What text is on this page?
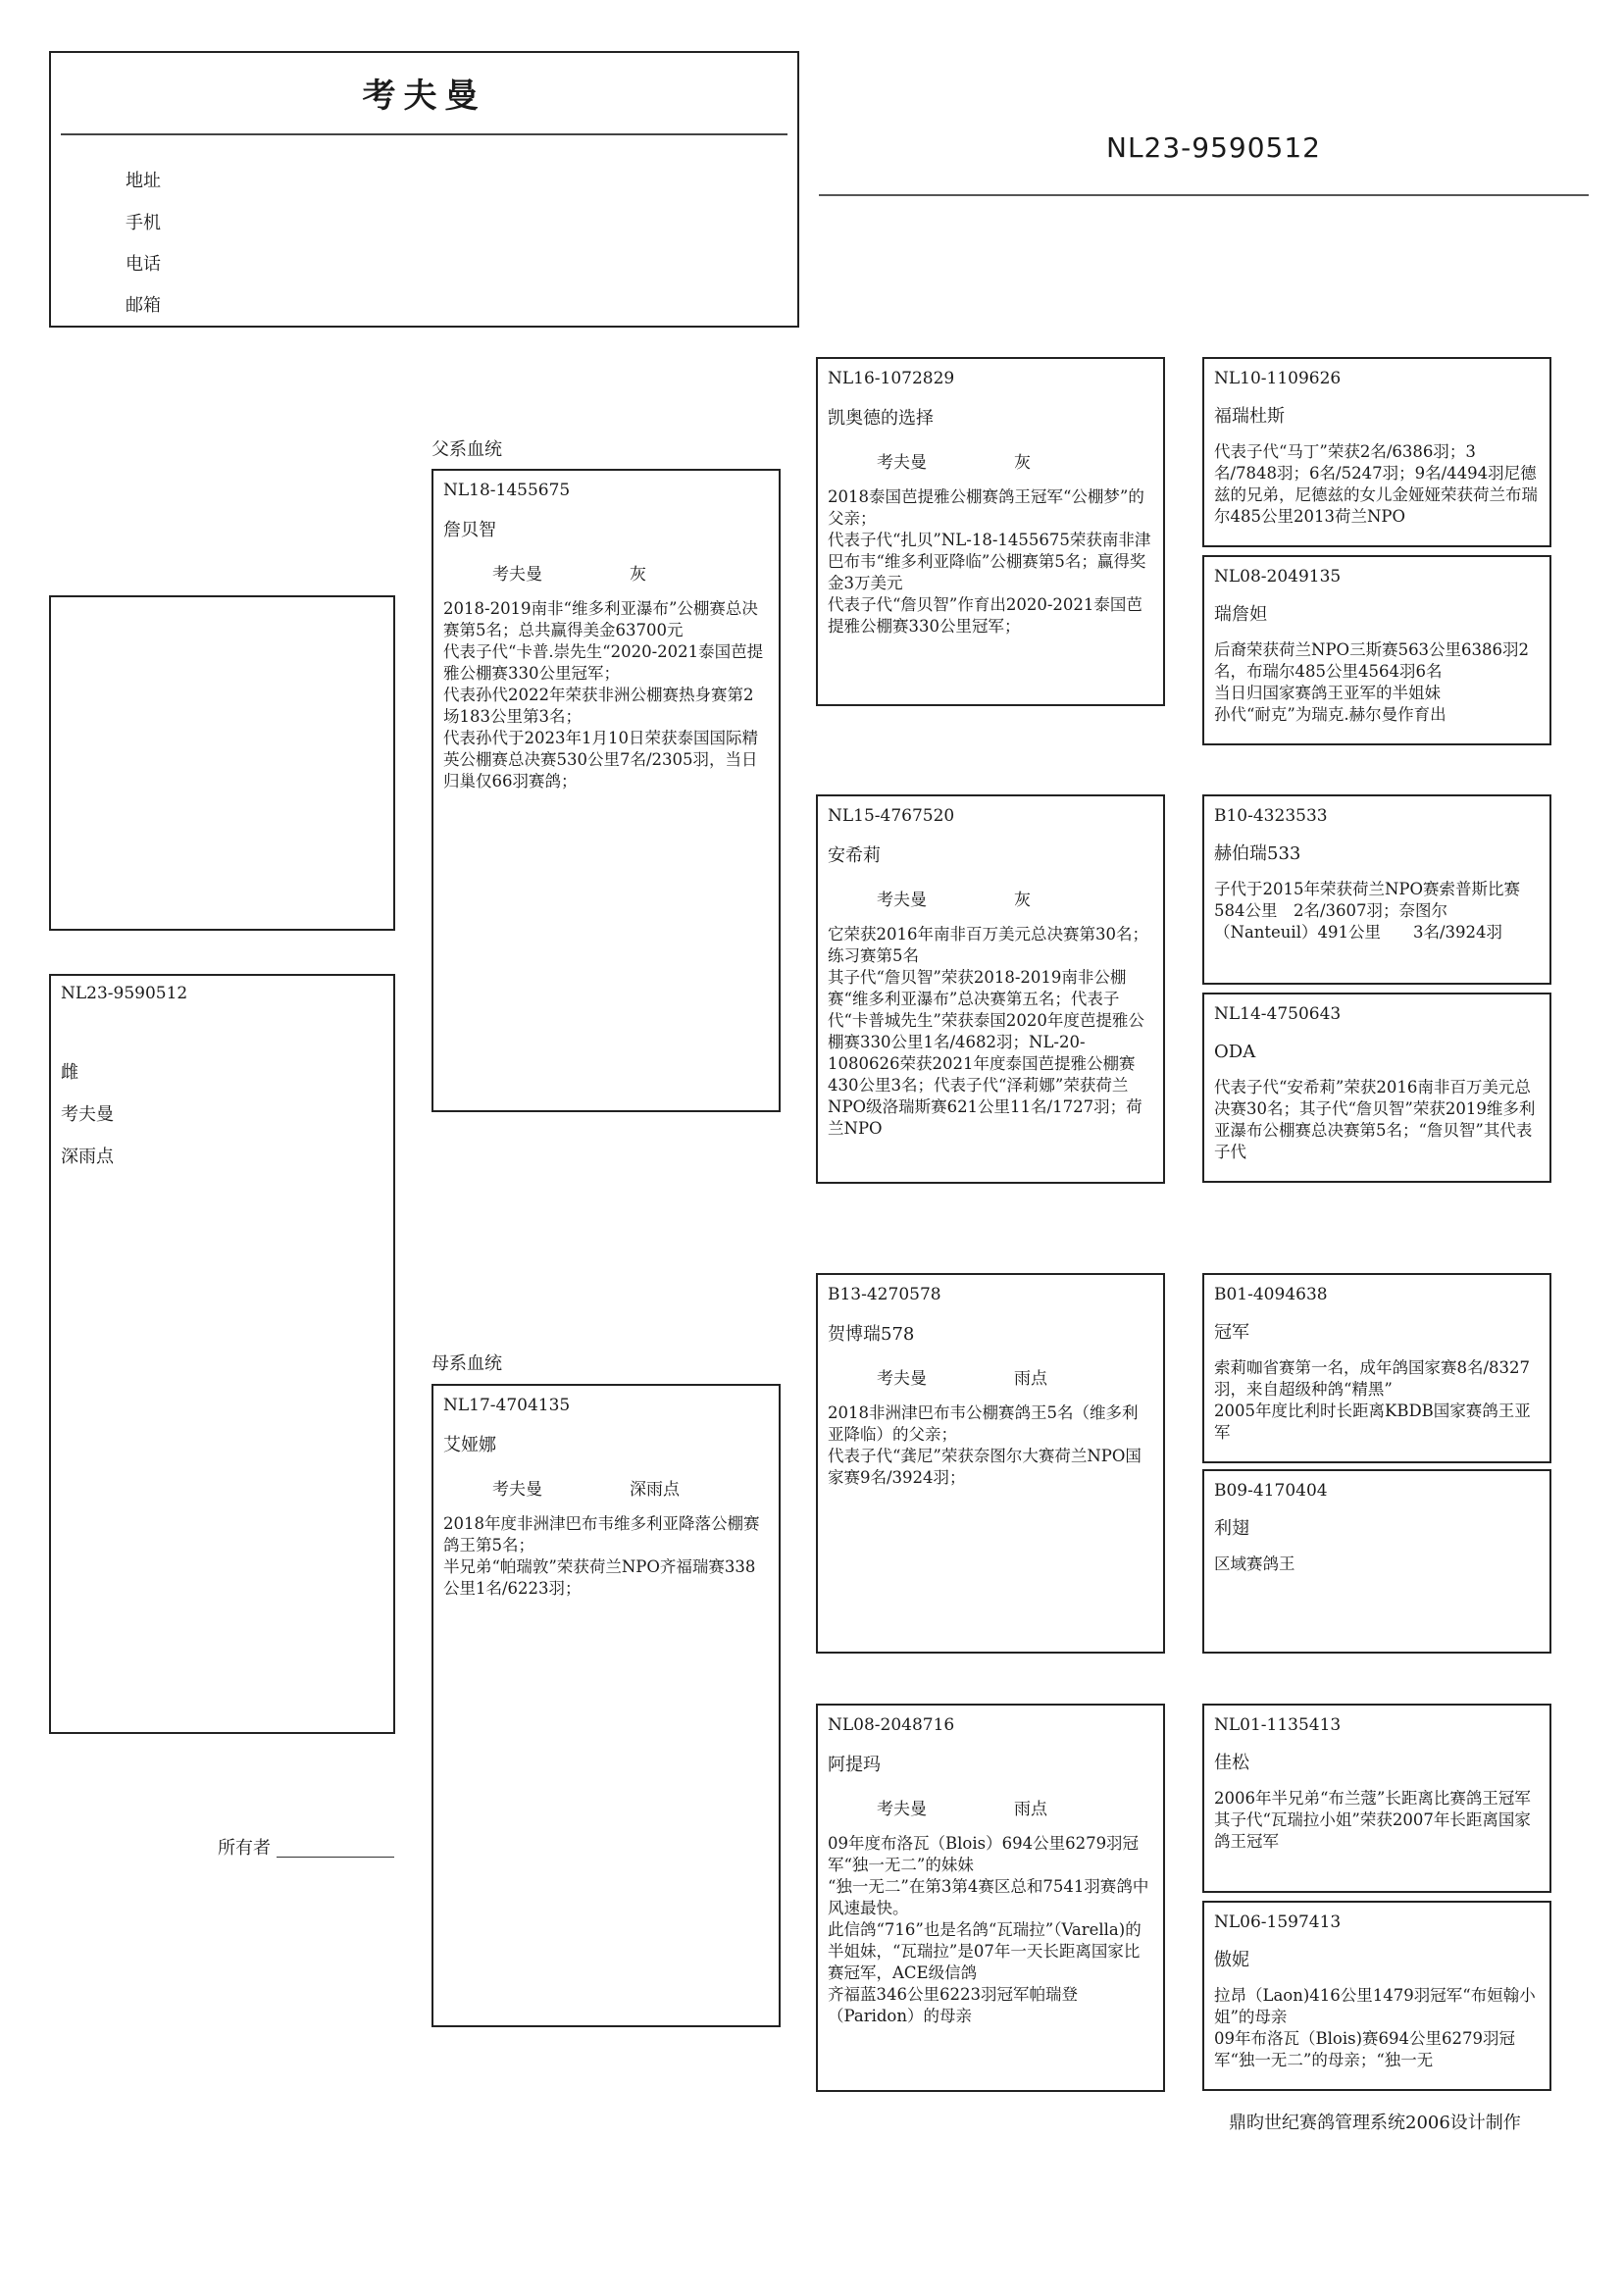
考夫曼
地址
手机
电话
邮箱
NL23-9590512
NL23-9590512
雌
考夫曼
深雨点
所有者
父系血统
母系血统
NL18-1455675
詹贝智
考夫曼	灰

2018-2019南非“维多利亚瀑布”公棚赛总决赛第5名；总共赢得美金63700元

代表子代“卡普.崇先生“2020-2021泰国芭提雅公棚赛330公里冠军；

代表孙代2022年荣获非洲公棚赛热身赛第2场183公里第3名；

代表孙代于2023年1月10日荣获泰国国际精英公棚赛总决赛530公里7名/2305羽，当日归巢仅66羽赛鸽；

NL17-4704135
艾娅娜
考夫曼	深雨点

2018年度非洲津巴布韦维多利亚降落公棚赛鸽王第5名；

半兄弟“帕瑞敦”荣获荷兰NPO齐福瑞赛338公里1名/6223羽；

NL16-1072829
凯奥德的选择
考夫曼	灰

2018泰国芭提雅公棚赛鸽王冠军“公棚梦”的父亲；

代表子代“扎贝”NL-18-1455675荣获南非津巴布韦“维多利亚降临”公棚赛第5名；赢得奖金3万美元

代表子代“詹贝智”作育出2020-2021泰国芭提雅公棚赛330公里冠军；

NL15-4767520
安希莉
考夫曼	灰

它荣获2016年南非百万美元总决赛第30名；练习赛第5名

其子代“詹贝智”荣获2018-2019南非公棚赛“维多利亚瀑布”总决赛第五名；代表子代“卡普城先生”荣获泰国2020年度芭提雅公棚赛330公里1名/4682羽；NL-20-1080626荣获2021年度泰国芭提雅公棚赛430公里3名；代表子代“泽莉娜”荣获荷兰NPO级洛瑞斯赛621公里11名/1727羽；荷兰NPO

B13-4270578
贺博瑞578
考夫曼	雨点

2018非洲津巴布韦公棚赛鸽王5名（维多利亚降临）的父亲；

代表子代“龚尼”荣获奈图尔大赛荷兰NPO国家赛9名/3924羽；

NL08-2048716
阿提玛
考夫曼	雨点

09年度布洛瓦（Blois）694公里6279羽冠军“独一无二”的妹妹

“独一无二”在第3第4赛区总和7541羽赛鸽中风速最快。

此信鸽“716”也是名鸽“瓦瑞拉”（Varella)的半姐妹，“瓦瑞拉”是07年一天长距离国家比赛冠军，ACE级信鸽

齐福蓝346公里6223羽冠军帕瑞登（Paridon）的母亲

NL10-1109626
福瑞杜斯

代表子代“马丁”荣获2名/6386羽；3名/7848羽；6名/5247羽；9名/4494羽尼德兹的兄弟，尼德兹的女儿金娅娅荣获荷兰布瑞尔485公里2013荷兰NPO

NL08-2049135
瑞詹妲

后裔荣获荷兰NPO三斯赛563公里6386羽2名，布瑞尔485公里4564羽6名

当日归国家赛鸽王亚军的半姐妹

孙代“耐克”为瑞克.赫尔曼作育出

B10-4323533
赫伯瑞533

子代于2015年荣获荷兰NPO赛索普斯比赛584公里　2名/3607羽；奈图尔（Nanteuil）491公里　　3名/3924羽

NL14-4750643
ODA

代表子代“安希莉”荣获2016南非百万美元总决赛30名；其子代“詹贝智”荣获2019维多利亚瀑布公棚赛总决赛第5名；“詹贝智”其代表子代

B01-4094638
冠军

索莉咖省赛第一名，成年鸽国家赛8名/8327羽，来自超级种鸽“精黑”

2005年度比利时长距离KBDB国家赛鸽王亚军

B09-4170404
利翅

区域赛鸽王

NL01-1135413
佳松

2006年半兄弟“布兰蔻”长距离比赛鸽王冠军

其子代“瓦瑞拉小姐”荣获2007年长距离国家鸽王冠军

NL06-1597413
傲妮

拉昂（Laon)416公里1479羽冠军“布姮翰小姐”的母亲

09年布洛瓦（Blois)赛694公里6279羽冠军“独一无二”的母亲；“独一无

鼎昀世纪赛鸽管理系统2006设计制作
